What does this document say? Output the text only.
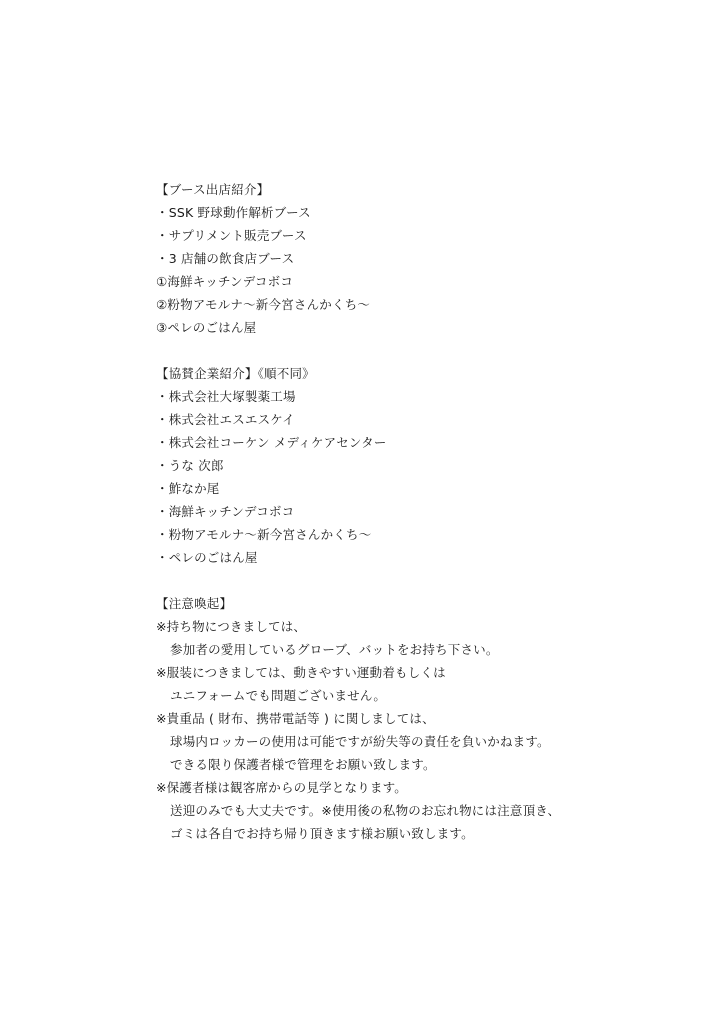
【ブース出店紹介】
・SSK 野球動作解析ブース
・サプリメント販売ブース
・3 店舗の飲食店ブース
①海鮮キッチンデコボコ
②粉物アモルナ～新今宮さんかくち～
③ペレのごはん屋
【協賛企業紹介】《順不同》
・株式会社大塚製薬工場
・株式会社エスエスケイ
・株式会社コーケン メディケアセンター
・うな 次郎
・鮓なか尾
・海鮮キッチンデコボコ
・粉物アモルナ～新今宮さんかくち～
・ペレのごはん屋
【注意喚起】
※持ち物につきましては、
参加者の愛用しているグローブ、バットをお持ち下さい。
※服装につきましては、動きやすい運動着もしくは
ユニフォームでも問題ございません。
※貴重品 ( 財布、携帯電話等 ) に関しましては、
球場内ロッカーの使用は可能ですが紛失等の責任を負いかねます。
できる限り保護者様で管理をお願い致します。
※保護者様は観客席からの見学となります。
送迎のみでも大丈夫です。※使用後の私物のお忘れ物には注意頂き、
ゴミは各自でお持ち帰り頂きます様お願い致します。
